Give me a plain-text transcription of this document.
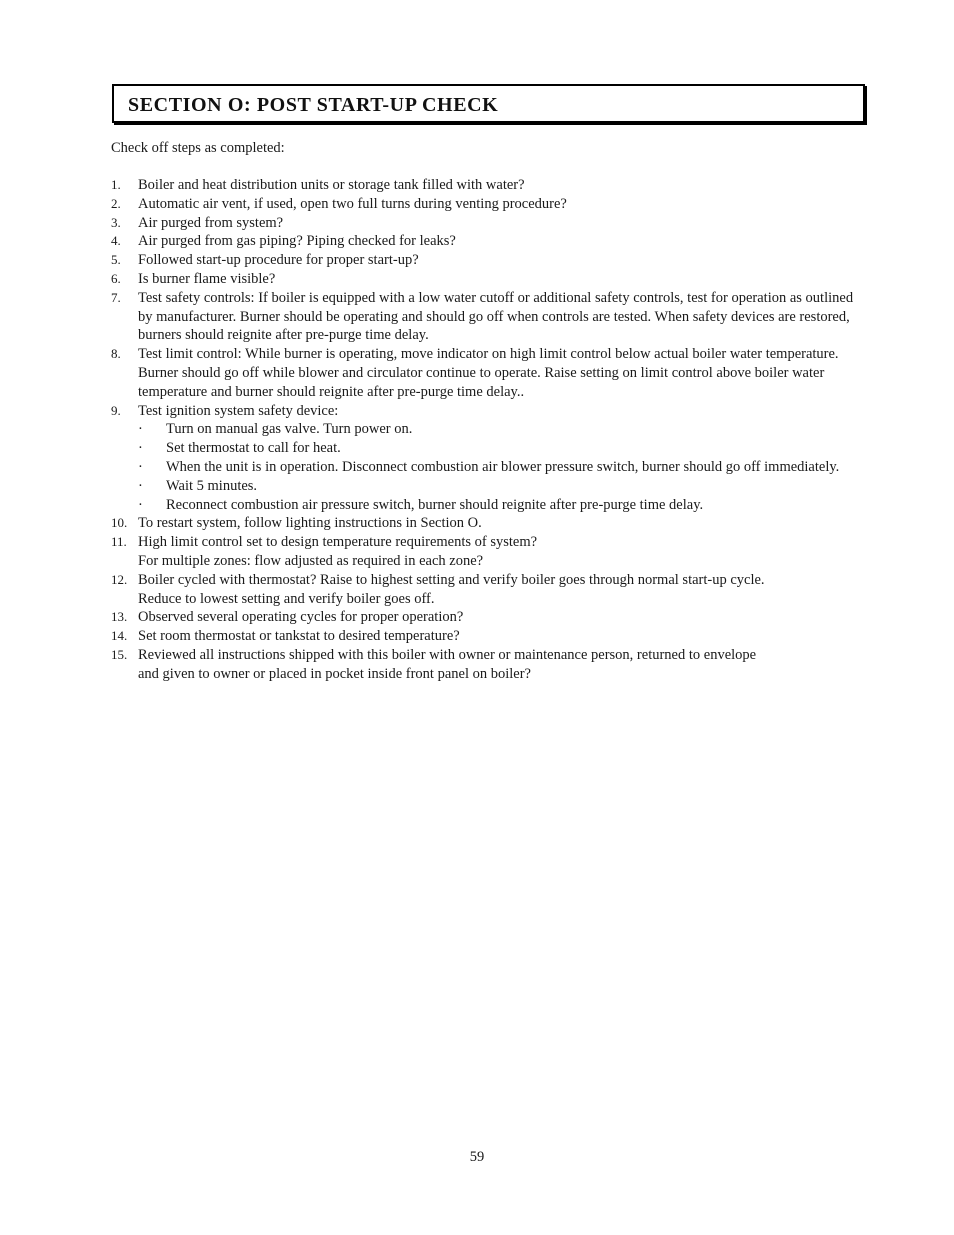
SECTION O: POST START-UP CHECK
Check off steps as completed:
1. Boiler and heat distribution units or storage tank filled with water?
2. Automatic air vent, if used, open two full turns during venting procedure?
3. Air purged from system?
4. Air purged from gas piping? Piping checked for leaks?
5. Followed start-up procedure for proper start-up?
6. Is burner flame visible?
7. Test safety controls: If boiler is equipped with a low water cutoff or additional safety controls, test for operation as outlined by manufacturer. Burner should be operating and should go off when controls are tested. When safety devices are restored, burners should reignite after pre-purge time delay.
8. Test limit control: While burner is operating, move indicator on high limit control below actual boiler water temperature. Burner should go off while blower and circulator continue to operate. Raise setting on limit control above boiler water temperature and burner should reignite after pre-purge time delay..
9. Test ignition system safety device:
· Turn on manual gas valve. Turn power on.
· Set thermostat to call for heat.
· When the unit is in operation. Disconnect combustion air blower pressure switch, burner should go off immediately.
· Wait 5 minutes.
· Reconnect combustion air pressure switch, burner should reignite after pre-purge time delay.
10. To restart system, follow lighting instructions in Section O.
11. High limit control set to design temperature requirements of system?
For multiple zones: flow adjusted as required in each zone?
12. Boiler cycled with thermostat? Raise to highest setting and verify boiler goes through normal start-up cycle.
Reduce to lowest setting and verify boiler goes off.
13. Observed several operating cycles for proper operation?
14. Set room thermostat or tankstat to desired temperature?
15. Reviewed all instructions shipped with this boiler with owner or maintenance person, returned to envelope
and given to owner or placed in pocket inside front panel on boiler?
59
